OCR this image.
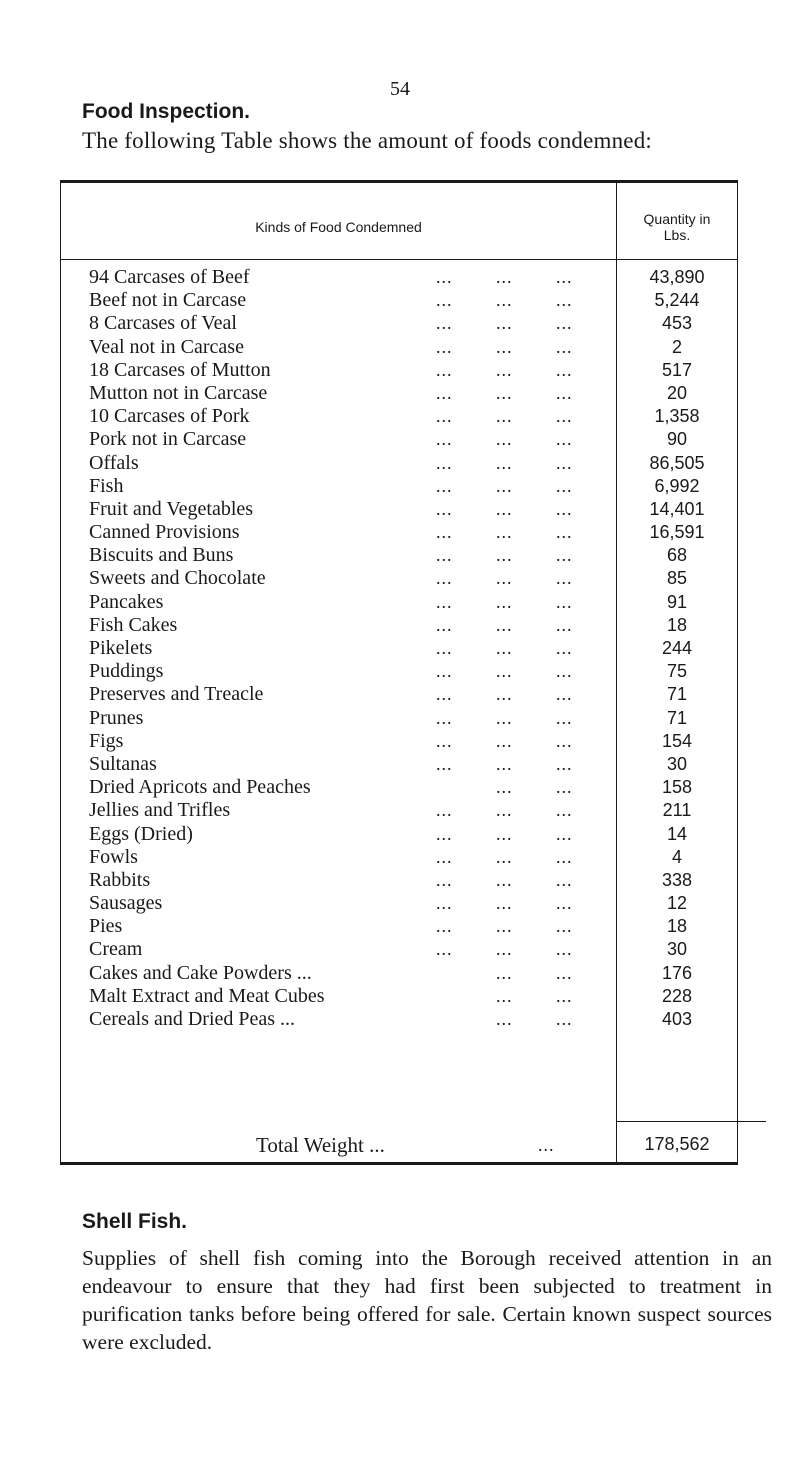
54
Food Inspection.
The following Table shows the amount of foods condemned:
Kinds of Food Condemned	Quantity in
Lbs.
94 Carcases of Beef	... ... ...	43,890
Beef not in Carcase	... ... ...	5,244
8 Carcases of Veal	... ... ...	453
Veal not in Carcase	... ... ...	2
18 Carcases of Mutton	... ... ...	517
Mutton not in Carcase	... ... ...	20
10 Carcases of Pork	... ... ...	1,358
Pork not in Carcase	... ... ...	90
Offals	... ... ...	86,505
Fish	... ... ...	6,992
Fruit and Vegetables	... ... ...	14,401
Canned Provisions	... ... ...	16,591
Biscuits and Buns	... ... ...	68
Sweets and Chocolate	... ... ...	85
Pancakes	... ... ...	91
Fish Cakes	... ... ...	18
Pikelets	... ... ...	244
Puddings	... ... ...	75
Preserves and Treacle	... ... ...	71
Prunes	... ... ...	71
Figs	... ... ...	154
Sultanas	... ... ...	30
Dried Apricots and Peaches	... ...	158
Jellies and Trifles	... ... ...	211
Eggs (Dried)	... ... ...	14
Fowls	... ... ...	4
Rabbits	... ... ...	338
Sausages	... ... ...	12
Pies	... ... ...	18
Cream	... ... ...	30
Cakes and Cake Powders ...	... ...	176
Malt Extract and Meat Cubes	... ...	228
Cereals and Dried Peas ...	... ...	403
Total Weight ...	...	178,562
Shell Fish.
Supplies of shell fish coming into the Borough received attention in an endeavour to ensure that they had first been subjected to treatment in purification tanks before being offered for sale. Certain known suspect sources were excluded.
